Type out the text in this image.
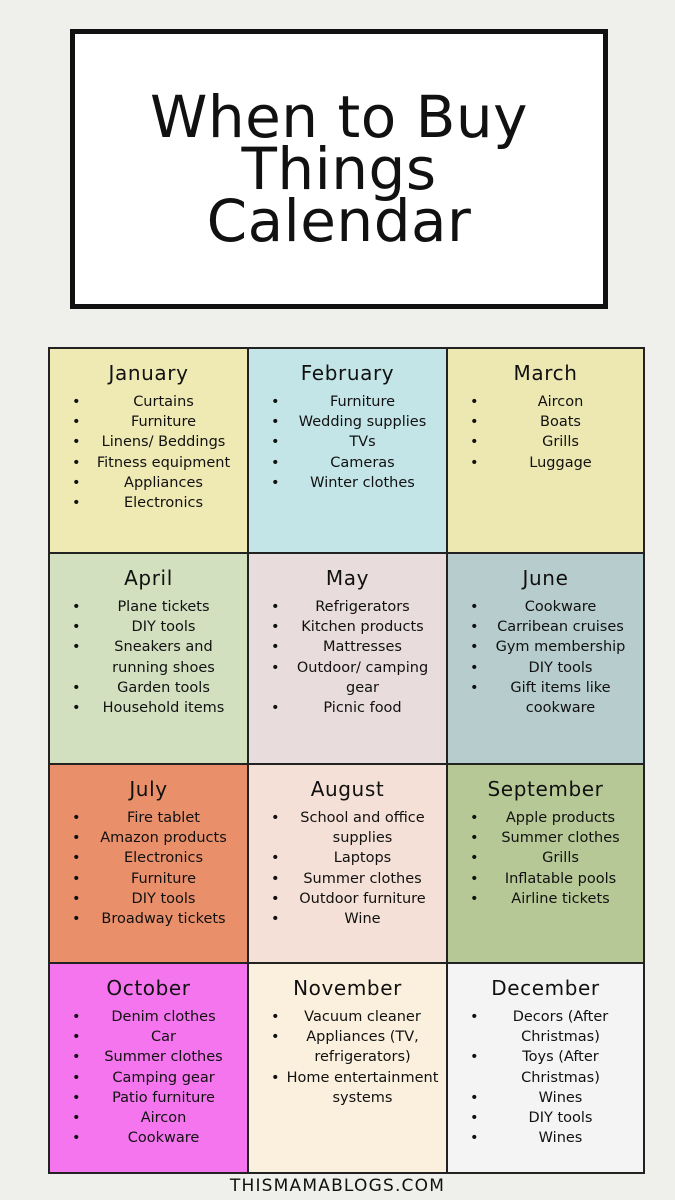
When to Buy
Things
Calendar
January
• Curtains
• Furniture
• Linens/ Beddings
• Fitness equipment
• Appliances
• Electronics
February
• Furniture
• Wedding supplies
• TVs
• Cameras
• Winter clothes
March
• Aircon
• Boats
• Grills
• Luggage
April
• Plane tickets
• DIY tools
• Sneakers and running shoes
• Garden tools
• Household items
May
• Refrigerators
• Kitchen products
• Mattresses
• Outdoor/ camping gear
• Picnic food
June
• Cookware
• Carribean cruises
• Gym membership
• DIY tools
• Gift items like cookware
July
• Fire tablet
• Amazon products
• Electronics
• Furniture
• DIY tools
• Broadway tickets
August
• School and office supplies
• Laptops
• Summer clothes
• Outdoor furniture
• Wine
September
• Apple products
• Summer clothes
• Grills
• Inflatable pools
• Airline tickets
October
• Denim clothes
• Car
• Summer clothes
• Camping gear
• Patio furniture
• Aircon
• Cookware
November
• Vacuum cleaner
• Appliances (TV, refrigerators)
• Home entertainment systems
December
• Decors (After Christmas)
• Toys (After Christmas)
• Wines
• DIY tools
• Wines
THISMAMABLOGS.COM
